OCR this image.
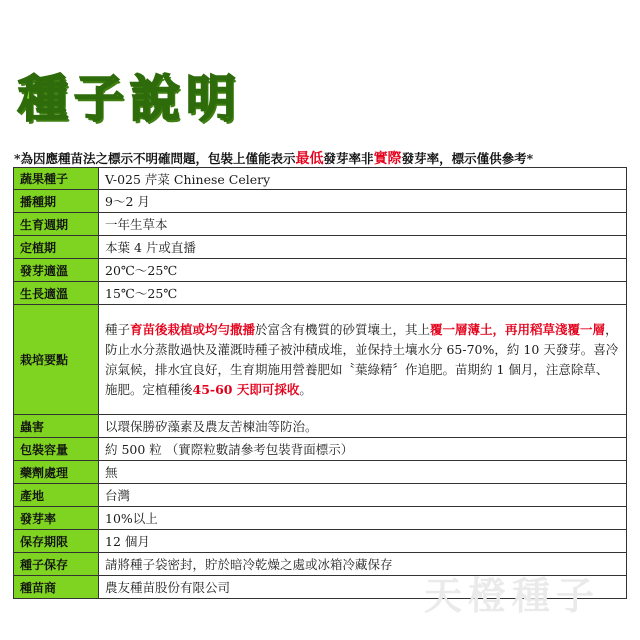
種子說明
*為因應種苗法之標示不明確問題，包裝上僅能表示最低發芽率非實際發芽率，標示僅供參考*
蔬果種子	V-025 芹菜 Chinese Celery
播種期	9～2 月
生育週期	一年生草本
定植期	本葉 4 片或直播
發芽適溫	20℃～25℃
生長適溫	15℃～25℃
栽培要點	種子育苗後栽植或均勻撒播於富含有機質的砂質壤土，其上覆一層薄土，再用稻草淺覆一層，防止水分蒸散過快及灌溉時種子被沖積成堆，並保持土壤水分 65-70%，約 10 天發芽。喜冷涼氣候，排水宜良好，生育期施用營養肥如〝葉綠精〞作追肥。苗期約 1 個月，注意除草、施肥。定植種後45-60 天即可採收。
蟲害	以環保勝矽藻素及農友苦楝油等防治。
包裝容量	約 500 粒 （實際粒數請參考包裝背面標示）
藥劑處理	無
產地	台灣
發芽率	10%以上
保存期限	12 個月
種子保存	請將種子袋密封，貯於暗冷乾燥之處或冰箱冷藏保存
種苗商	農友種苗股份有限公司	天橙種子
